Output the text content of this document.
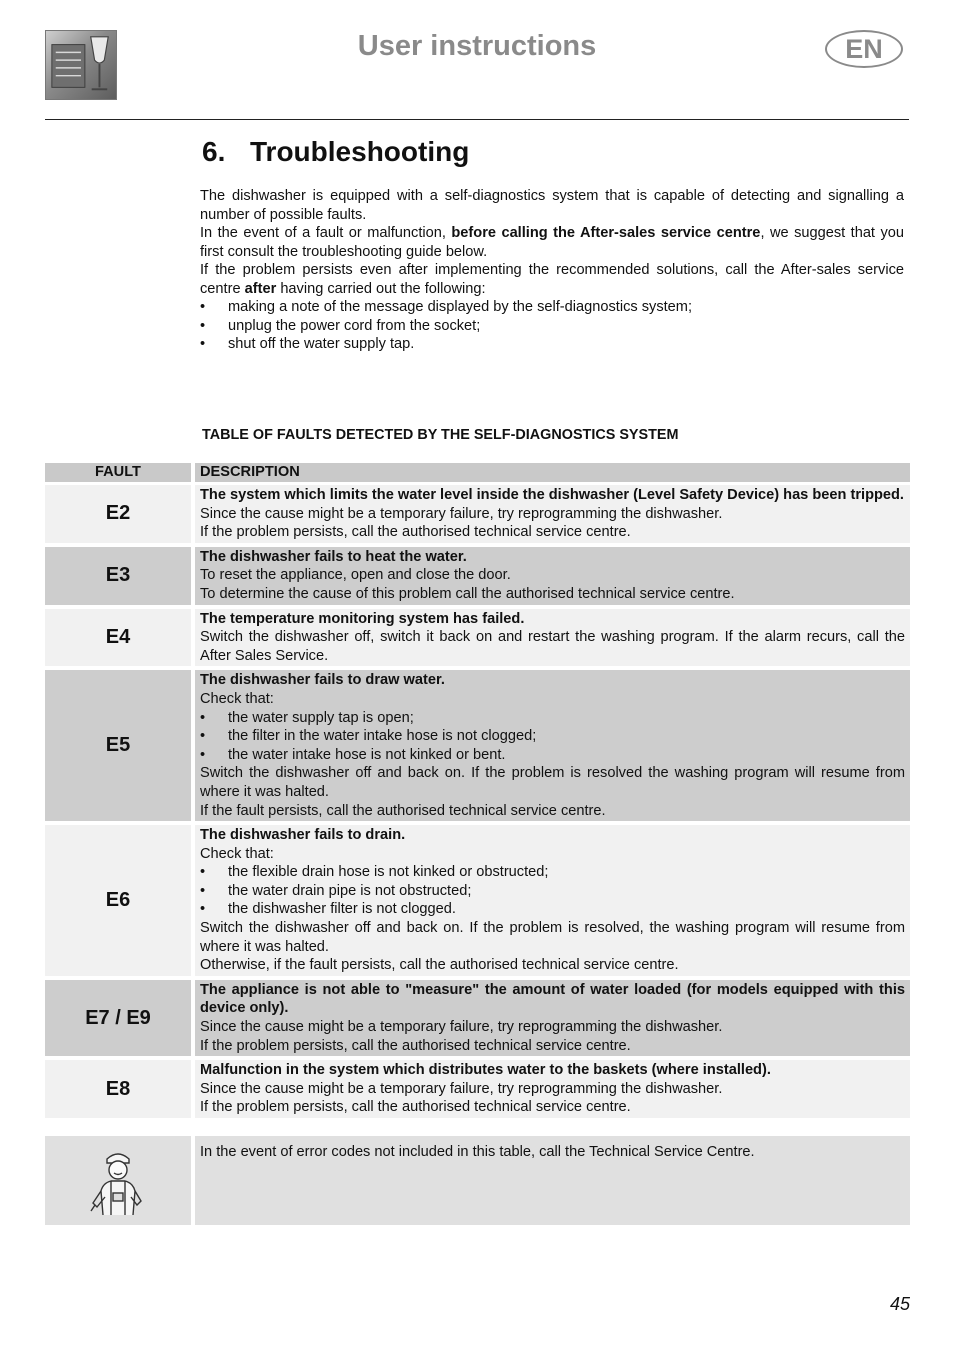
User instructions	EN
6. Troubleshooting

The dishwasher is equipped with a self-diagnostics system that is capable of detecting and signalling a number of possible faults.

In the event of a fault or malfunction, before calling the After-sales service centre, we suggest that you first consult the troubleshooting guide below.

If the problem persists even after implementing the recommended solutions, call the After-sales service centre after having carried out the following:

• making a note of the message displayed by the self-diagnostics system;
• unplug the power cord from the socket;
• shut off the water supply tap.
TABLE OF FAULTS DETECTED BY THE SELF-DIAGNOSTICS SYSTEM
FAULT	DESCRIPTION
E2

The system which limits the water level inside the dishwasher (Level Safety Device) has been tripped.

Since the cause might be a temporary failure, try reprogramming the dishwasher.

If the problem persists, call the authorised technical service centre.

E3

The dishwasher fails to heat the water.

To reset the appliance, open and close the door.

To determine the cause of this problem call the authorised technical service centre.

E4

The temperature monitoring system has failed.

Switch the dishwasher off, switch it back on and restart the washing program. If the alarm recurs, call the After Sales Service.

E5

The dishwasher fails to draw water.

Check that:

• the water supply tap is open;
• the filter in the water intake hose is not clogged;
• the water intake hose is not kinked or bent.

Switch the dishwasher off and back on. If the problem is resolved the washing program will resume from where it was halted.

If the fault persists, call the authorised technical service centre.

E6

The dishwasher fails to drain.

Check that:

• the flexible drain hose is not kinked or obstructed;
• the water drain pipe is not obstructed;
• the dishwasher filter is not clogged.

Switch the dishwasher off and back on. If the problem is resolved, the washing program will resume from where it was halted.

Otherwise, if the fault persists, call the authorised technical service centre.

E7 / E9

The appliance is not able to "measure" the amount of water loaded (for models equipped with this device only).

Since the cause might be a temporary failure, try reprogramming the dishwasher.

If the problem persists, call the authorised technical service centre.

E8

Malfunction in the system which distributes water to the baskets (where installed).

Since the cause might be a temporary failure, try reprogramming the dishwasher.

If the problem persists, call the authorised technical service centre.

In the event of error codes not included in this table, call the Technical Service Centre.
45
